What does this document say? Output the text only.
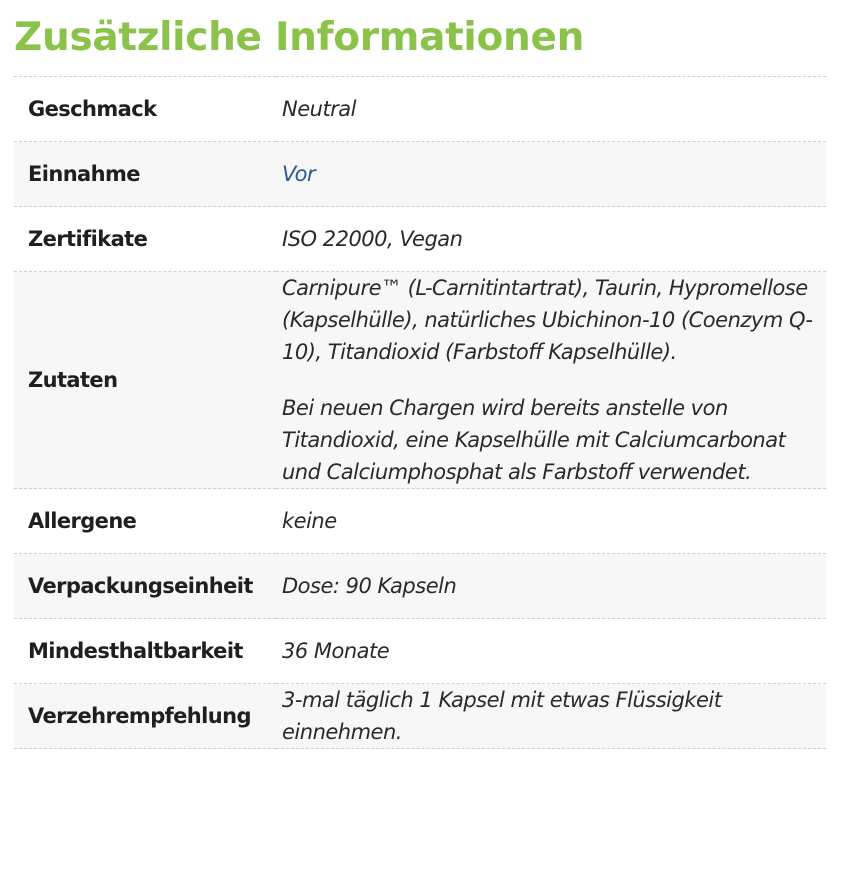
Zusätzliche Informationen
Geschmack	Neutral
Einnahme	Vor
Zertifikate	ISO 22000, Vegan
Zutaten	Carnipure™ (L-Carnitintartrat), Taurin, Hypromellose (Kapselhülle), natürliches Ubichinon-10 (Coenzym Q-10), Titandioxid (Farbstoff Kapselhülle).

Bei neuen Chargen wird bereits anstelle von Titandioxid, eine Kapselhülle mit Calciumcarbonat und Calciumphosphat als Farbstoff verwendet.

Allergene	keine
Verpackungseinheit	Dose: 90 Kapseln
Mindesthaltbarkeit	36 Monate
Verzehrempfehlung	3-mal täglich 1 Kapsel mit etwas Flüssigkeit einnehmen.
